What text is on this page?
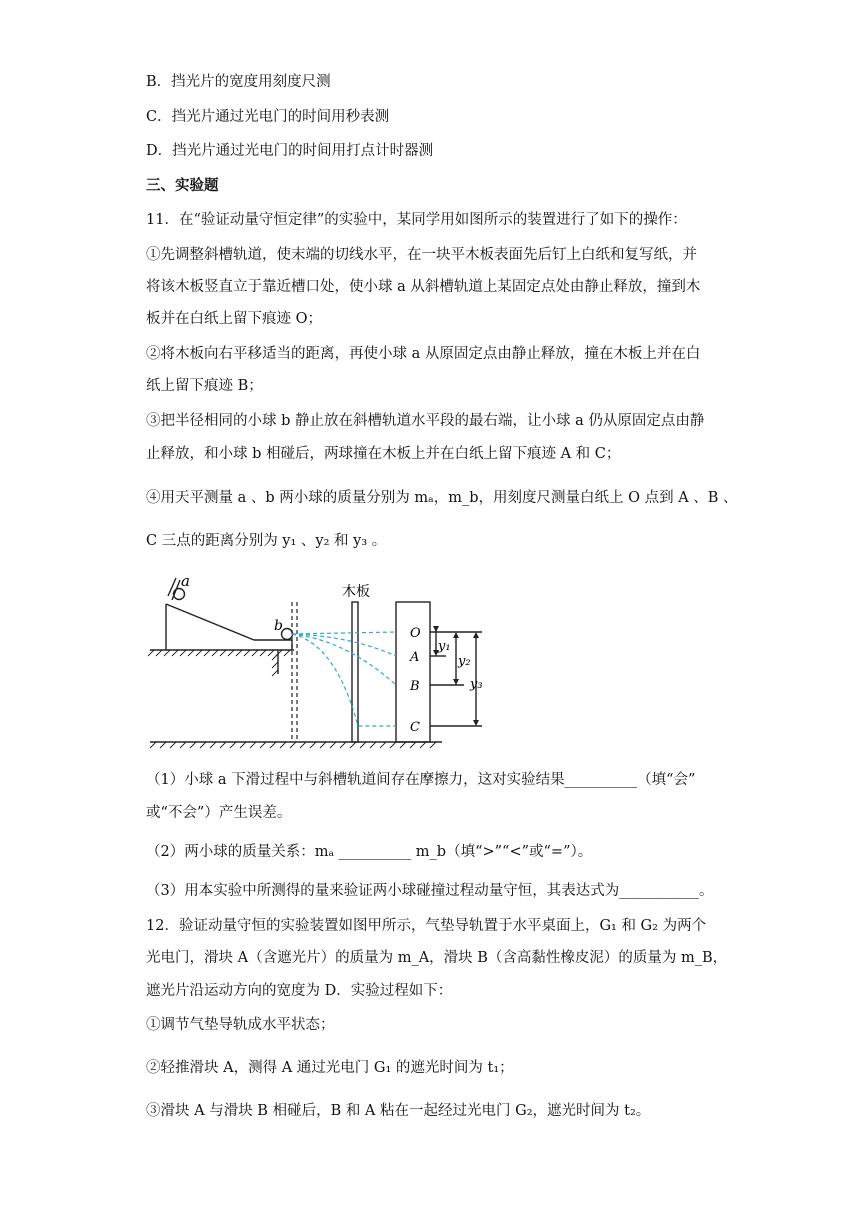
B．挡光片的宽度用刻度尺测
C．挡光片通过光电门的时间用秒表测
D．挡光片通过光电门的时间用打点计时器测
三、实验题
11．在“验证动量守恒定律”的实验中，某同学用如图所示的装置进行了如下的操作：
①先调整斜槽轨道，使末端的切线水平，在一块平木板表面先后钉上白纸和复写纸，并
将该木板竖直立于靠近槽口处，使小球 a 从斜槽轨道上某固定点处由静止释放，撞到木
板并在白纸上留下痕迹 O；
②将木板向右平移适当的距离，再使小球 a 从原固定点由静止释放，撞在木板上并在白
纸上留下痕迹 B；
③把半径相同的小球 b 静止放在斜槽轨道水平段的最右端，让小球 a 仍从原固定点由静
止释放，和小球 b 相碰后，两球撞在木板上并在白纸上留下痕迹 A 和 C；
④用天平测量 a 、b 两小球的质量分别为 mₐ，m_b，用刻度尺测量白纸上 O 点到 A 、B 、
C 三点的距离分别为 y₁ 、y₂ 和 y₃ 。
a
b
木板
O
A
B
C
y₁
y₂
y₃
（1）小球 a 下滑过程中与斜槽轨道间存在摩擦力，这对实验结果__________（填“会”
或“不会”）产生误差。
（2）两小球的质量关系：mₐ __________ m_b（填“>”“<”或“=”）。
（3）用本实验中所测得的量来验证两小球碰撞过程动量守恒，其表达式为___________。
12．验证动量守恒的实验装置如图甲所示，气垫导轨置于水平桌面上，G₁ 和 G₂ 为两个
光电门，滑块 A（含遮光片）的质量为 m_A，滑块 B（含高黏性橡皮泥）的质量为 m_B，
遮光片沿运动方向的宽度为 D．实验过程如下：
①调节气垫导轨成水平状态；
②轻推滑块 A，测得 A 通过光电门 G₁ 的遮光时间为 t₁；
③滑块 A 与滑块 B 相碰后，B 和 A 粘在一起经过光电门 G₂，遮光时间为 t₂。
